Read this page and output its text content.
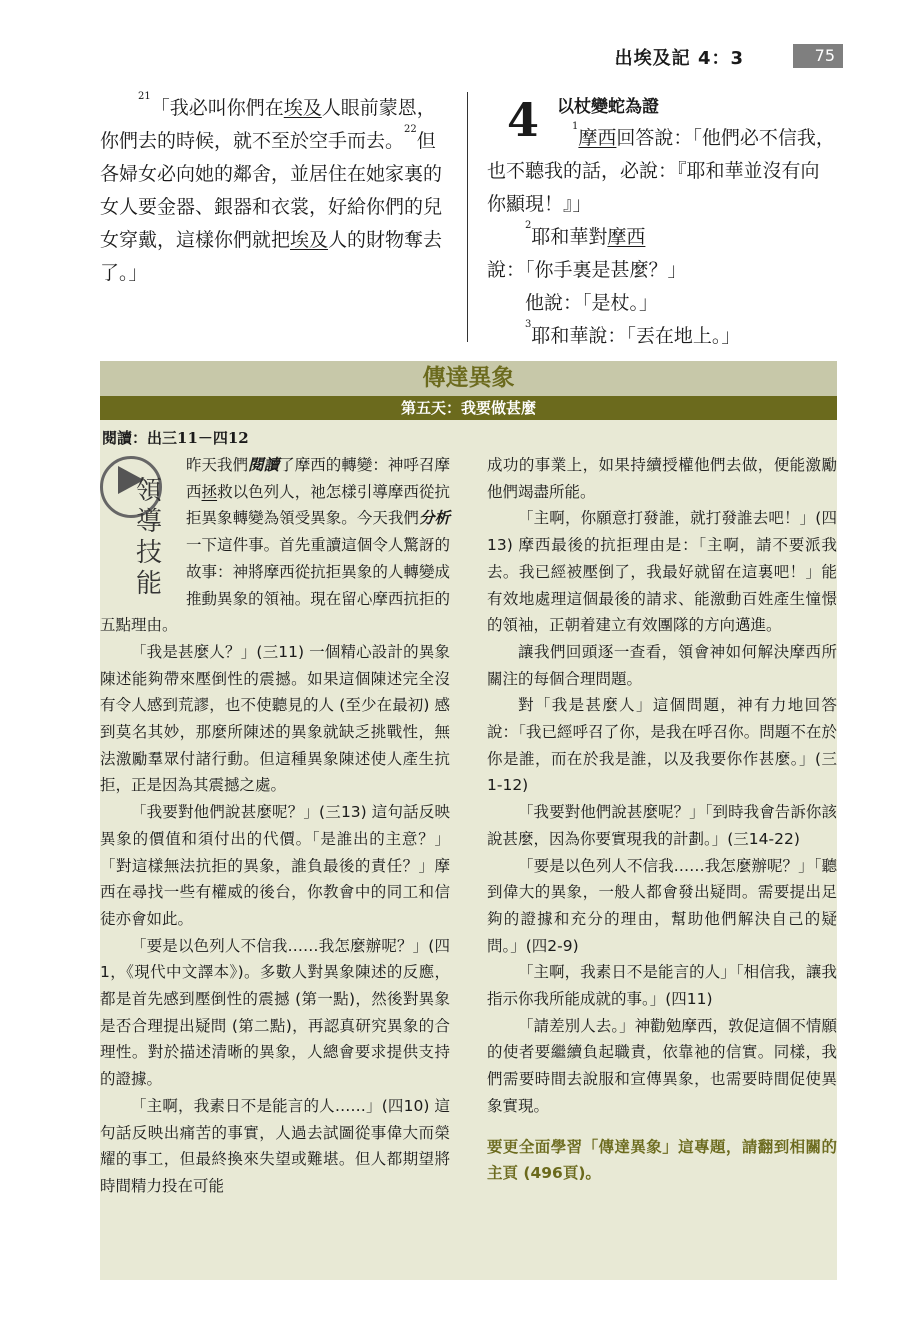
出埃及記 4：3	75

$^{21}$「我必叫你們在埃及人眼前蒙恩，你們去的時候，就不至於空手而去。$^{22}$但各婦女必向她的鄰舍，並居住在她家裏的女人要金器、銀器和衣裳，好給你們的兒女穿戴，這樣你們就把埃及人的財物奪去了。」

4 以杖變蛇為證

$^1$摩西回答說：「他們必不信我，也不聽我的話，必說：『耶和華並沒有向你顯現！』」

$^2$耶和華對摩西說：「你手裏是甚麼？」

他說：「是杖。」

$^3$耶和華說：「丟在地上。」

傳達異象
第五天：我要做甚麼
閱讀：出三11－四12
領
導
技
能

昨天我們閱讀了摩西的轉變：神呼召摩西拯救以色列人，祂怎樣引導摩西從抗拒異象轉變為領受異象。今天我們分析一下這件事。首先重讀這個令人驚訝的故事：神將摩西從抗拒異象的人轉變成推動異象的領袖。現在留心摩西抗拒的五點理由。

「我是甚麼人？」(三11) 一個精心設計的異象陳述能夠帶來壓倒性的震撼。如果這個陳述完全沒有令人感到荒謬，也不使聽見的人 (至少在最初) 感到莫名其妙，那麼所陳述的異象就缺乏挑戰性，無法激勵羣眾付諸行動。但這種異象陳述使人產生抗拒，正是因為其震撼之處。

「我要對他們說甚麼呢？」(三13) 這句話反映異象的價值和須付出的代價。「是誰出的主意？」「對這樣無法抗拒的異象，誰負最後的責任？」摩西在尋找一些有權威的後台，你教會中的同工和信徒亦會如此。

「要是以色列人不信我……我怎麼辦呢？」(四1，《現代中文譯本》)。多數人對異象陳述的反應，都是首先感到壓倒性的震撼 (第一點)，然後對異象是否合理提出疑問 (第二點)，再認真研究異象的合理性。對於描述清晰的異象，人總會要求提供支持的證據。

「主啊，我素日不是能言的人……」(四10) 這句話反映出痛苦的事實，人過去試圖從事偉大而榮耀的事工，但最終換來失望或難堪。但人都期望將時間精力投在可能

成功的事業上，如果持續授權他們去做，便能激勵他們竭盡所能。

「主啊，你願意打發誰，就打發誰去吧！」(四13) 摩西最後的抗拒理由是：「主啊，請不要派我去。我已經被壓倒了，我最好就留在這裏吧！」能有效地處理這個最後的請求、能激動百姓產生憧憬的領袖，正朝着建立有效團隊的方向邁進。

讓我們回頭逐一查看，領會神如何解決摩西所關注的每個合理問題。

對「我是甚麼人」這個問題，神有力地回答說：「我已經呼召了你，是我在呼召你。問題不在於你是誰，而在於我是誰，以及我要你作甚麼。」(三1-12)

「我要對他們說甚麼呢？」「到時我會告訴你該說甚麼，因為你要實現我的計劃。」(三14-22)

「要是以色列人不信我……我怎麼辦呢？」「聽到偉大的異象，一般人都會發出疑問。需要提出足夠的證據和充分的理由，幫助他們解決自己的疑問。」(四2-9)

「主啊，我素日不是能言的人」「相信我，讓我指示你我所能成就的事。」(四11)

「請差別人去。」神勸勉摩西，敦促這個不情願的使者要繼續負起職責，依靠祂的信實。同樣，我們需要時間去說服和宣傳異象，也需要時間促使異象實現。

要更全面學習「傳達異象」這專題，請翻到相關的主頁 (496頁)。
